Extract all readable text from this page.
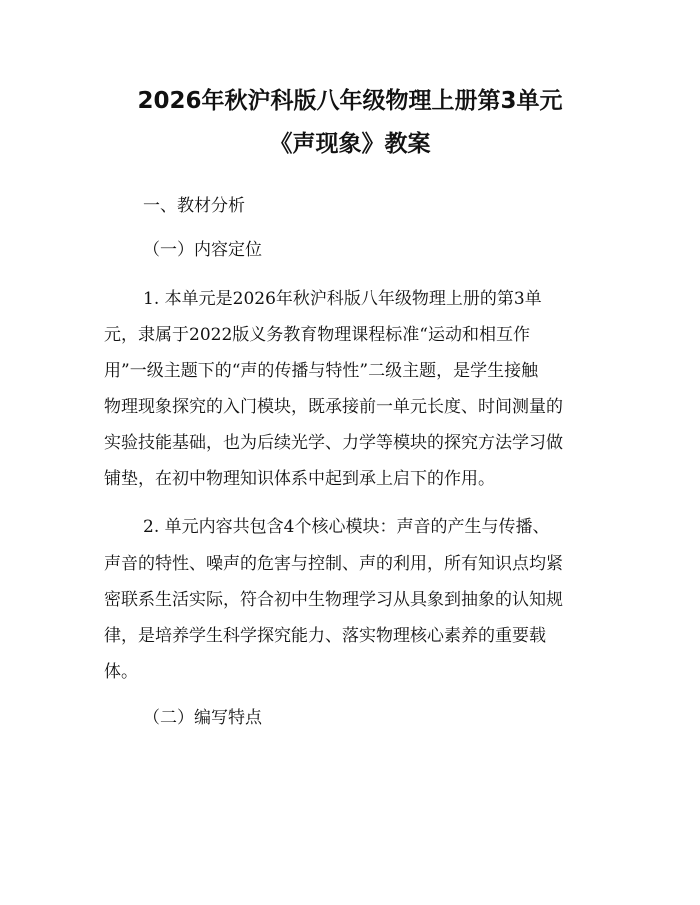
2026年秋沪科版八年级物理上册第3单元
《声现象》教案
一、教材分析
（一）内容定位
1. 本单元是2026年秋沪科版八年级物理上册的第3单
元，隶属于2022版义务教育物理课程标准“运动和相互作
用”一级主题下的“声的传播与特性”二级主题，是学生接触
物理现象探究的入门模块，既承接前一单元长度、时间测量的
实验技能基础，也为后续光学、力学等模块的探究方法学习做
铺垫，在初中物理知识体系中起到承上启下的作用。
2. 单元内容共包含4个核心模块：声音的产生与传播、
声音的特性、噪声的危害与控制、声的利用，所有知识点均紧
密联系生活实际，符合初中生物理学习从具象到抽象的认知规
律，是培养学生科学探究能力、落实物理核心素养的重要载
体。
（二）编写特点
